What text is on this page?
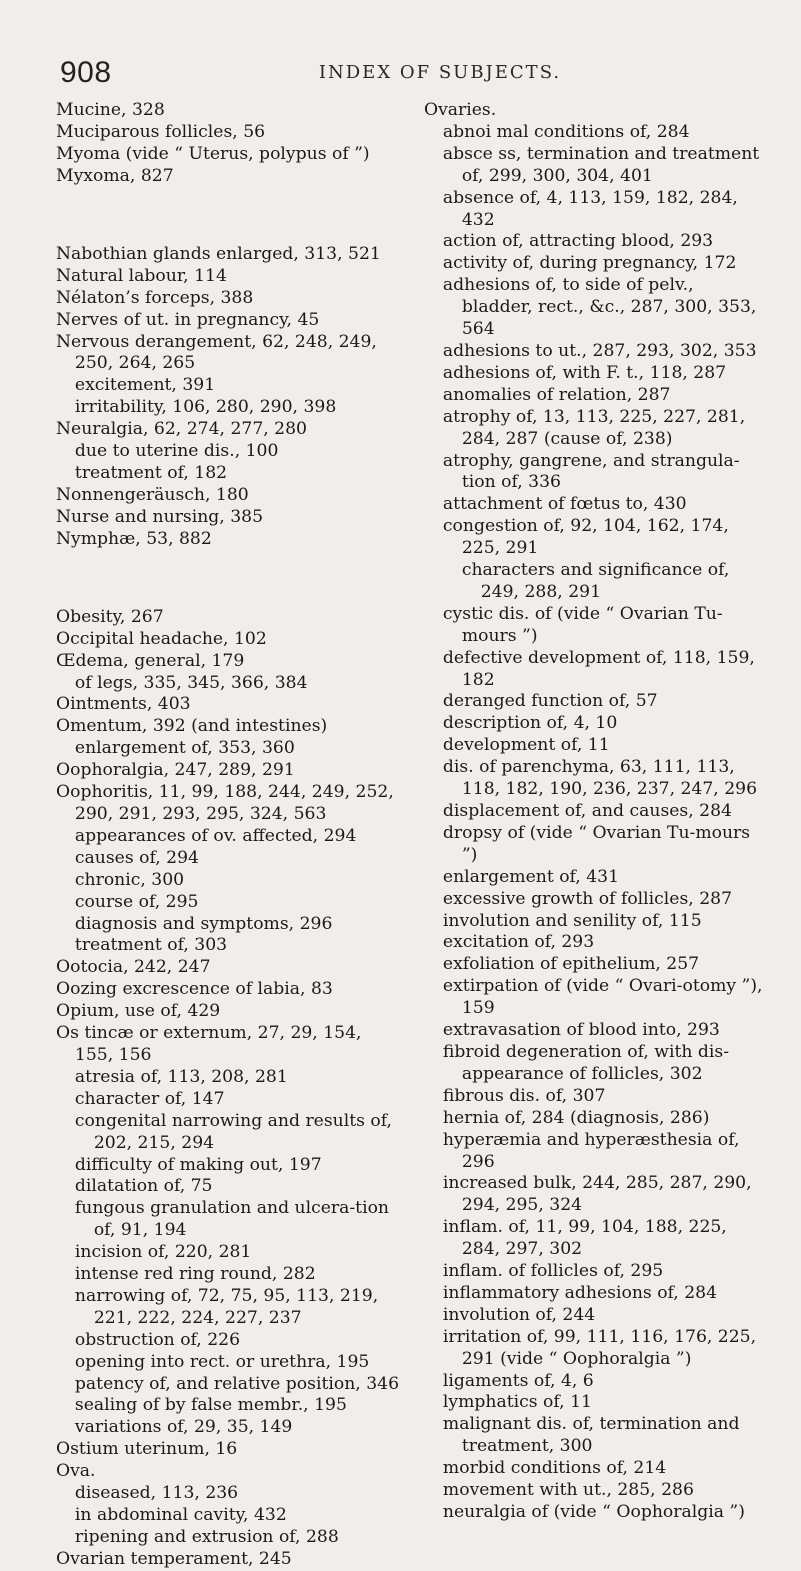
908	INDEX OF SUBJECTS.

Mucine, 328

Muciparous follicles, 56

Myoma (vide “ Uterus, polypus of ”)

Myxoma, 827

Nabothian glands enlarged, 313, 521

Natural labour, 114

Nélaton’s forceps, 388

Nerves of ut. in pregnancy, 45

Nervous derangement, 62, 248, 249, 250, 264, 265

excitement, 391

irritability, 106, 280, 290, 398

Neuralgia, 62, 274, 277, 280

due to uterine dis., 100

treatment of, 182

Nonnengeräusch, 180

Nurse and nursing, 385

Nymphæ, 53, 882

Obesity, 267

Occipital headache, 102

Œdema, general, 179

of legs, 335, 345, 366, 384

Ointments, 403

Omentum, 392 (and intestines)

enlargement of, 353, 360

Oophoralgia, 247, 289, 291

Oophoritis, 11, 99, 188, 244, 249, 252, 290, 291, 293, 295, 324, 563

appearances of ov. affected, 294

causes of, 294

chronic, 300

course of, 295

diagnosis and symptoms, 296

treatment of, 303

Ootocia, 242, 247

Oozing excrescence of labia, 83

Opium, use of, 429

Os tincæ or externum, 27, 29, 154, 155, 156

atresia of, 113, 208, 281

character of, 147

congenital narrowing and results of, 202, 215, 294

difficulty of making out, 197

dilatation of, 75

fungous granulation and ulcera-tion of, 91, 194

incision of, 220, 281

intense red ring round, 282

narrowing of, 72, 75, 95, 113, 219, 221, 222, 224, 227, 237

obstruction of, 226

opening into rect. or urethra, 195

patency of, and relative position, 346

sealing of by false membr., 195

variations of, 29, 35, 149

Ostium uterinum, 16

Ova.

diseased, 113, 236

in abdominal cavity, 432

ripening and extrusion of, 288

Ovarian temperament, 245

Ovaries.

abnoi mal conditions of, 284

absce ss, termination and treatment of, 299, 300, 304, 401

absence of, 4, 113, 159, 182, 284, 432

action of, attracting blood, 293

activity of, during pregnancy, 172

adhesions of, to side of pelv., bladder, rect., &c., 287, 300, 353, 564

adhesions to ut., 287, 293, 302, 353

adhesions of, with F. t., 118, 287

anomalies of relation, 287

atrophy of, 13, 113, 225, 227, 281, 284, 287 (cause of, 238)

atrophy, gangrene, and strangula-tion of, 336

attachment of fœtus to, 430

congestion of, 92, 104, 162, 174, 225, 291

characters and significance of, 249, 288, 291

cystic dis. of (vide “ Ovarian Tu-mours ”)

defective development of, 118, 159, 182

deranged function of, 57

description of, 4, 10

development of, 11

dis. of parenchyma, 63, 111, 113, 118, 182, 190, 236, 237, 247, 296

displacement of, and causes, 284

dropsy of (vide “ Ovarian Tu-mours ”)

enlargement of, 431

excessive growth of follicles, 287

involution and senility of, 115

excitation of, 293

exfoliation of epithelium, 257

extirpation of (vide “ Ovari-otomy ”), 159

extravasation of blood into, 293

fibroid degeneration of, with dis-appearance of follicles, 302

fibrous dis. of, 307

hernia of, 284 (diagnosis, 286)

hyperæmia and hyperæsthesia of, 296

increased bulk, 244, 285, 287, 290, 294, 295, 324

inflam. of, 11, 99, 104, 188, 225, 284, 297, 302

inflam. of follicles of, 295

inflammatory adhesions of, 284

involution of, 244

irritation of, 99, 111, 116, 176, 225, 291 (vide “ Oophoralgia ”)

ligaments of, 4, 6

lymphatics of, 11

malignant dis. of, termination and treatment, 300

morbid conditions of, 214

movement with ut., 285, 286

neuralgia of (vide “ Oophoralgia ”)
